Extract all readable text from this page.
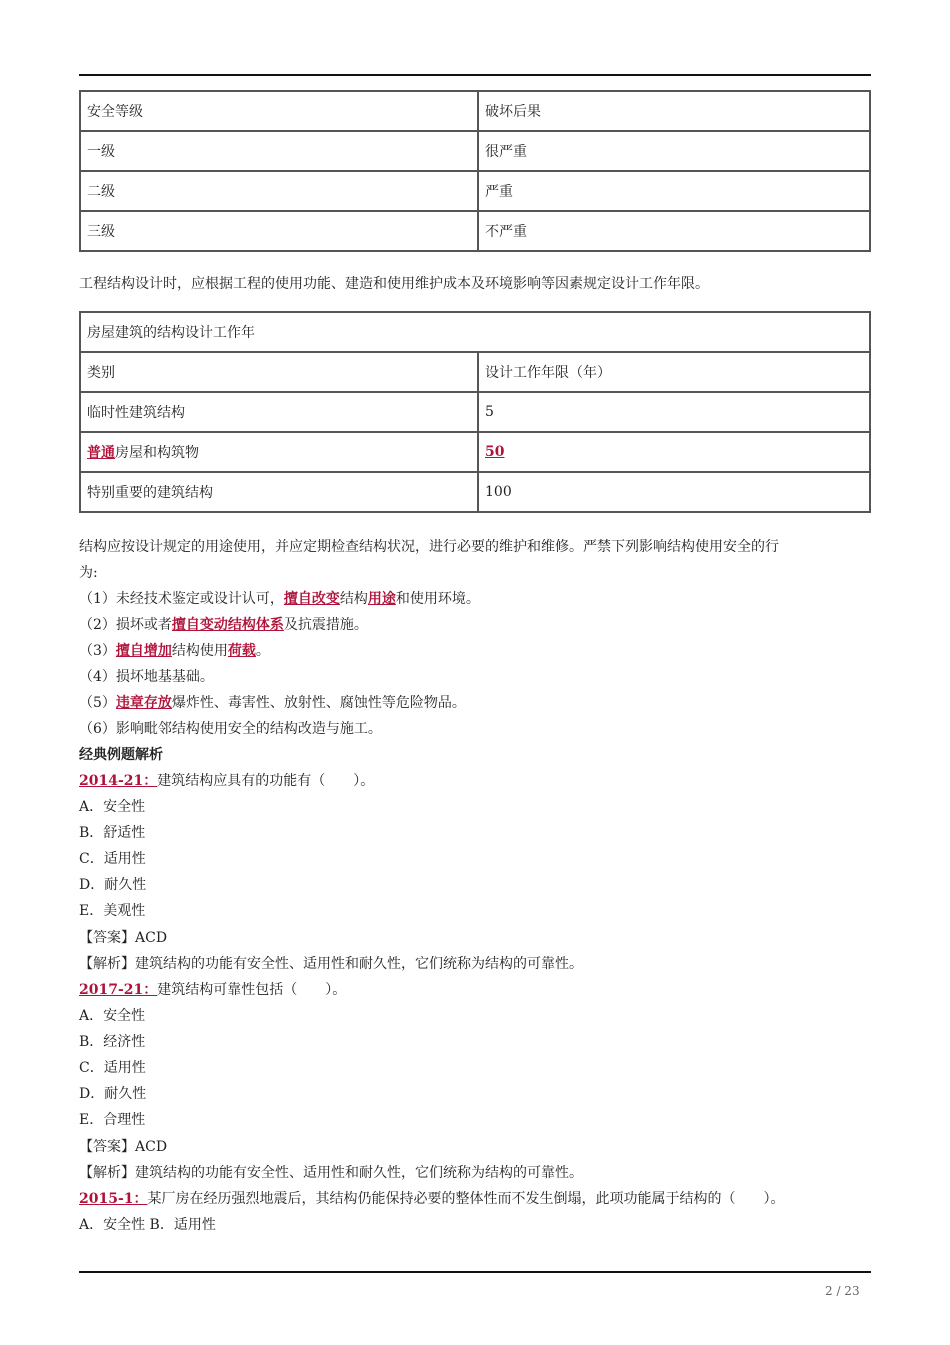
安全等级	破坏后果
一级	很严重
二级	严重
三级	不严重
工程结构设计时，应根据工程的使用功能、建造和使用维护成本及环境影响等因素规定设计工作年限。
房屋建筑的结构设计工作年	
类别	设计工作年限（年）
临时性建筑结构	5
普通房屋和构筑物	50
特别重要的建筑结构	100
结构应按设计规定的用途使用，并应定期检查结构状况，进行必要的维护和维修。严禁下列影响结构使用安全的行
为:
（1）未经技术鉴定或设计认可，擅自改变结构用途和使用环境。
（2）损坏或者擅自变动结构体系及抗震措施。
（3）擅自增加结构使用荷载。
（4）损坏地基基础。
（5）违章存放爆炸性、毒害性、放射性、腐蚀性等危险物品。
（6）影响毗邻结构使用安全的结构改造与施工。
经典例题解析
2014-21：建筑结构应具有的功能有（　　）。
A．安全性
B．舒适性
C．适用性
D．耐久性
E．美观性
【答案】ACD
【解析】建筑结构的功能有安全性、适用性和耐久性，它们统称为结构的可靠性。
2017-21：建筑结构可靠性包括（　　）。
A．安全性
B．经济性
C．适用性
D．耐久性
E．合理性
【答案】ACD
【解析】建筑结构的功能有安全性、适用性和耐久性，它们统称为结构的可靠性。
2015-1：某厂房在经历强烈地震后，其结构仍能保持必要的整体性而不发生倒塌，此项功能属于结构的（　　）。
A．安全性 B．适用性
2 / 23
